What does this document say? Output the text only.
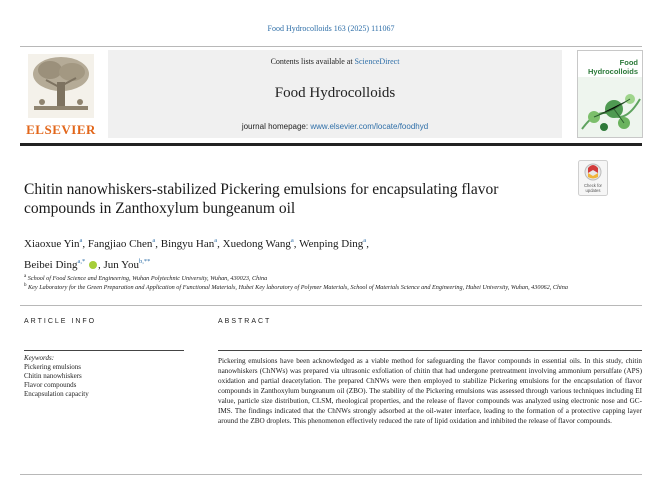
Food Hydrocolloids 163 (2025) 111067
ELSEVIER
Contents lists available at ScienceDirect
Food Hydrocolloids
journal homepage: www.elsevier.com/locate/foodhyd
Food
Hydrocolloids
Check for
updates
Chitin nanowhiskers-stabilized Pickering emulsions for encapsulating flavor compounds in Zanthoxylum bungeanum oil
Xiaoxue Yin$^a$, Fangjiao Chen$^a$, Bingyu Han$^a$, Xuedong Wang$^a$, Wenping Ding$^a$,
Beibei Ding$^{a,*}$ , Jun You$^{b,**}$
$^a$ School of Food Science and Engineering, Wuhan Polytechnic University, Wuhan, 430023, China
$^b$ Key Laboratory for the Green Preparation and Application of Functional Materials, Hubei Key laboratory of Polymer Materials, School of Materials Science and Engineering, Hubei University, Wuhan, 430062, China
ARTICLE INFO
Keywords:
Pickering emulsions
Chitin nanowhiskers
Flavor compounds
Encapsulation capacity
ABSTRACT
Pickering emulsions have been acknowledged as a viable method for safeguarding the flavor compounds in essential oils. In this study, chitin nanowhiskers (ChNWs) was prepared via ultrasonic exfoliation of chitin that had undergone pretreatment involving ammonium persulfate (APS) oxidation and partial deacetylation. The prepared ChNWs were then employed to stabilize Pickering emulsions for the encapsulation of flavor compounds in Zanthoxylum bungeanum oil (ZBO). The stability of the Pickering emulsions was assessed through various techniques including EI value, particle size distribution, CLSM, rheological properties, and the release of flavor compounds was analyzed using electronic nose and GC-IMS. The findings indicated that the ChNWs strongly adsorbed at the oil-water interface, leading to the formation of a protective capping layer around the ZBO droplets. This phenomenon effectively reduced the rate of lipid oxidation and inhibited the release of flavor compounds.
